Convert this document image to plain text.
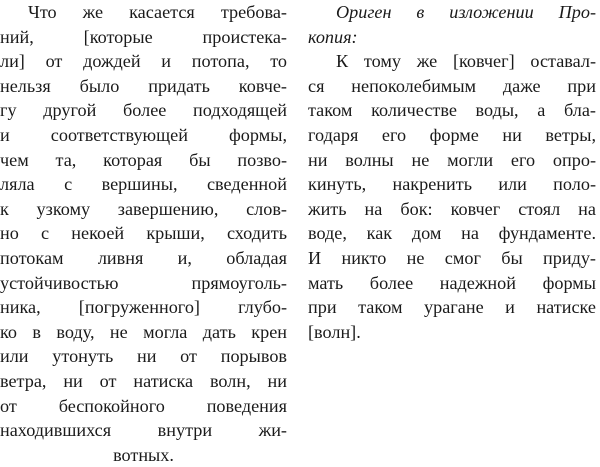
Что же касается требова-
ний, [которые проистека-
ли] от дождей и потопа, то
нельзя было придать ковче-
гу другой более подходящей
и соответствующей формы,
чем та, которая бы позво-
ляла с вершины, сведенной
к узкому завершению, слов-
но с некоей крыши, сходить
потокам ливня и, обладая
устойчивостью прямоуголь-
ника, [погруженного] глубо-
ко в воду, не могла дать крен
или утонуть ни от порывов
ветра, ни от натиска волн, ни
от беспокойного поведения
находившихся внутри жи-
вотных.
Ориген в изложении Про-
копия:
К тому же [ковчег] оставал-
ся непоколебимым даже при
таком количестве воды, а бла-
годаря его форме ни ветры,
ни волны не могли его опро-
кинуть, накренить или поло-
жить на бок: ковчег стоял на
воде, как дом на фундаменте.
И никто не смог бы приду-
мать более надежной формы
при таком урагане и натиске
[волн].
